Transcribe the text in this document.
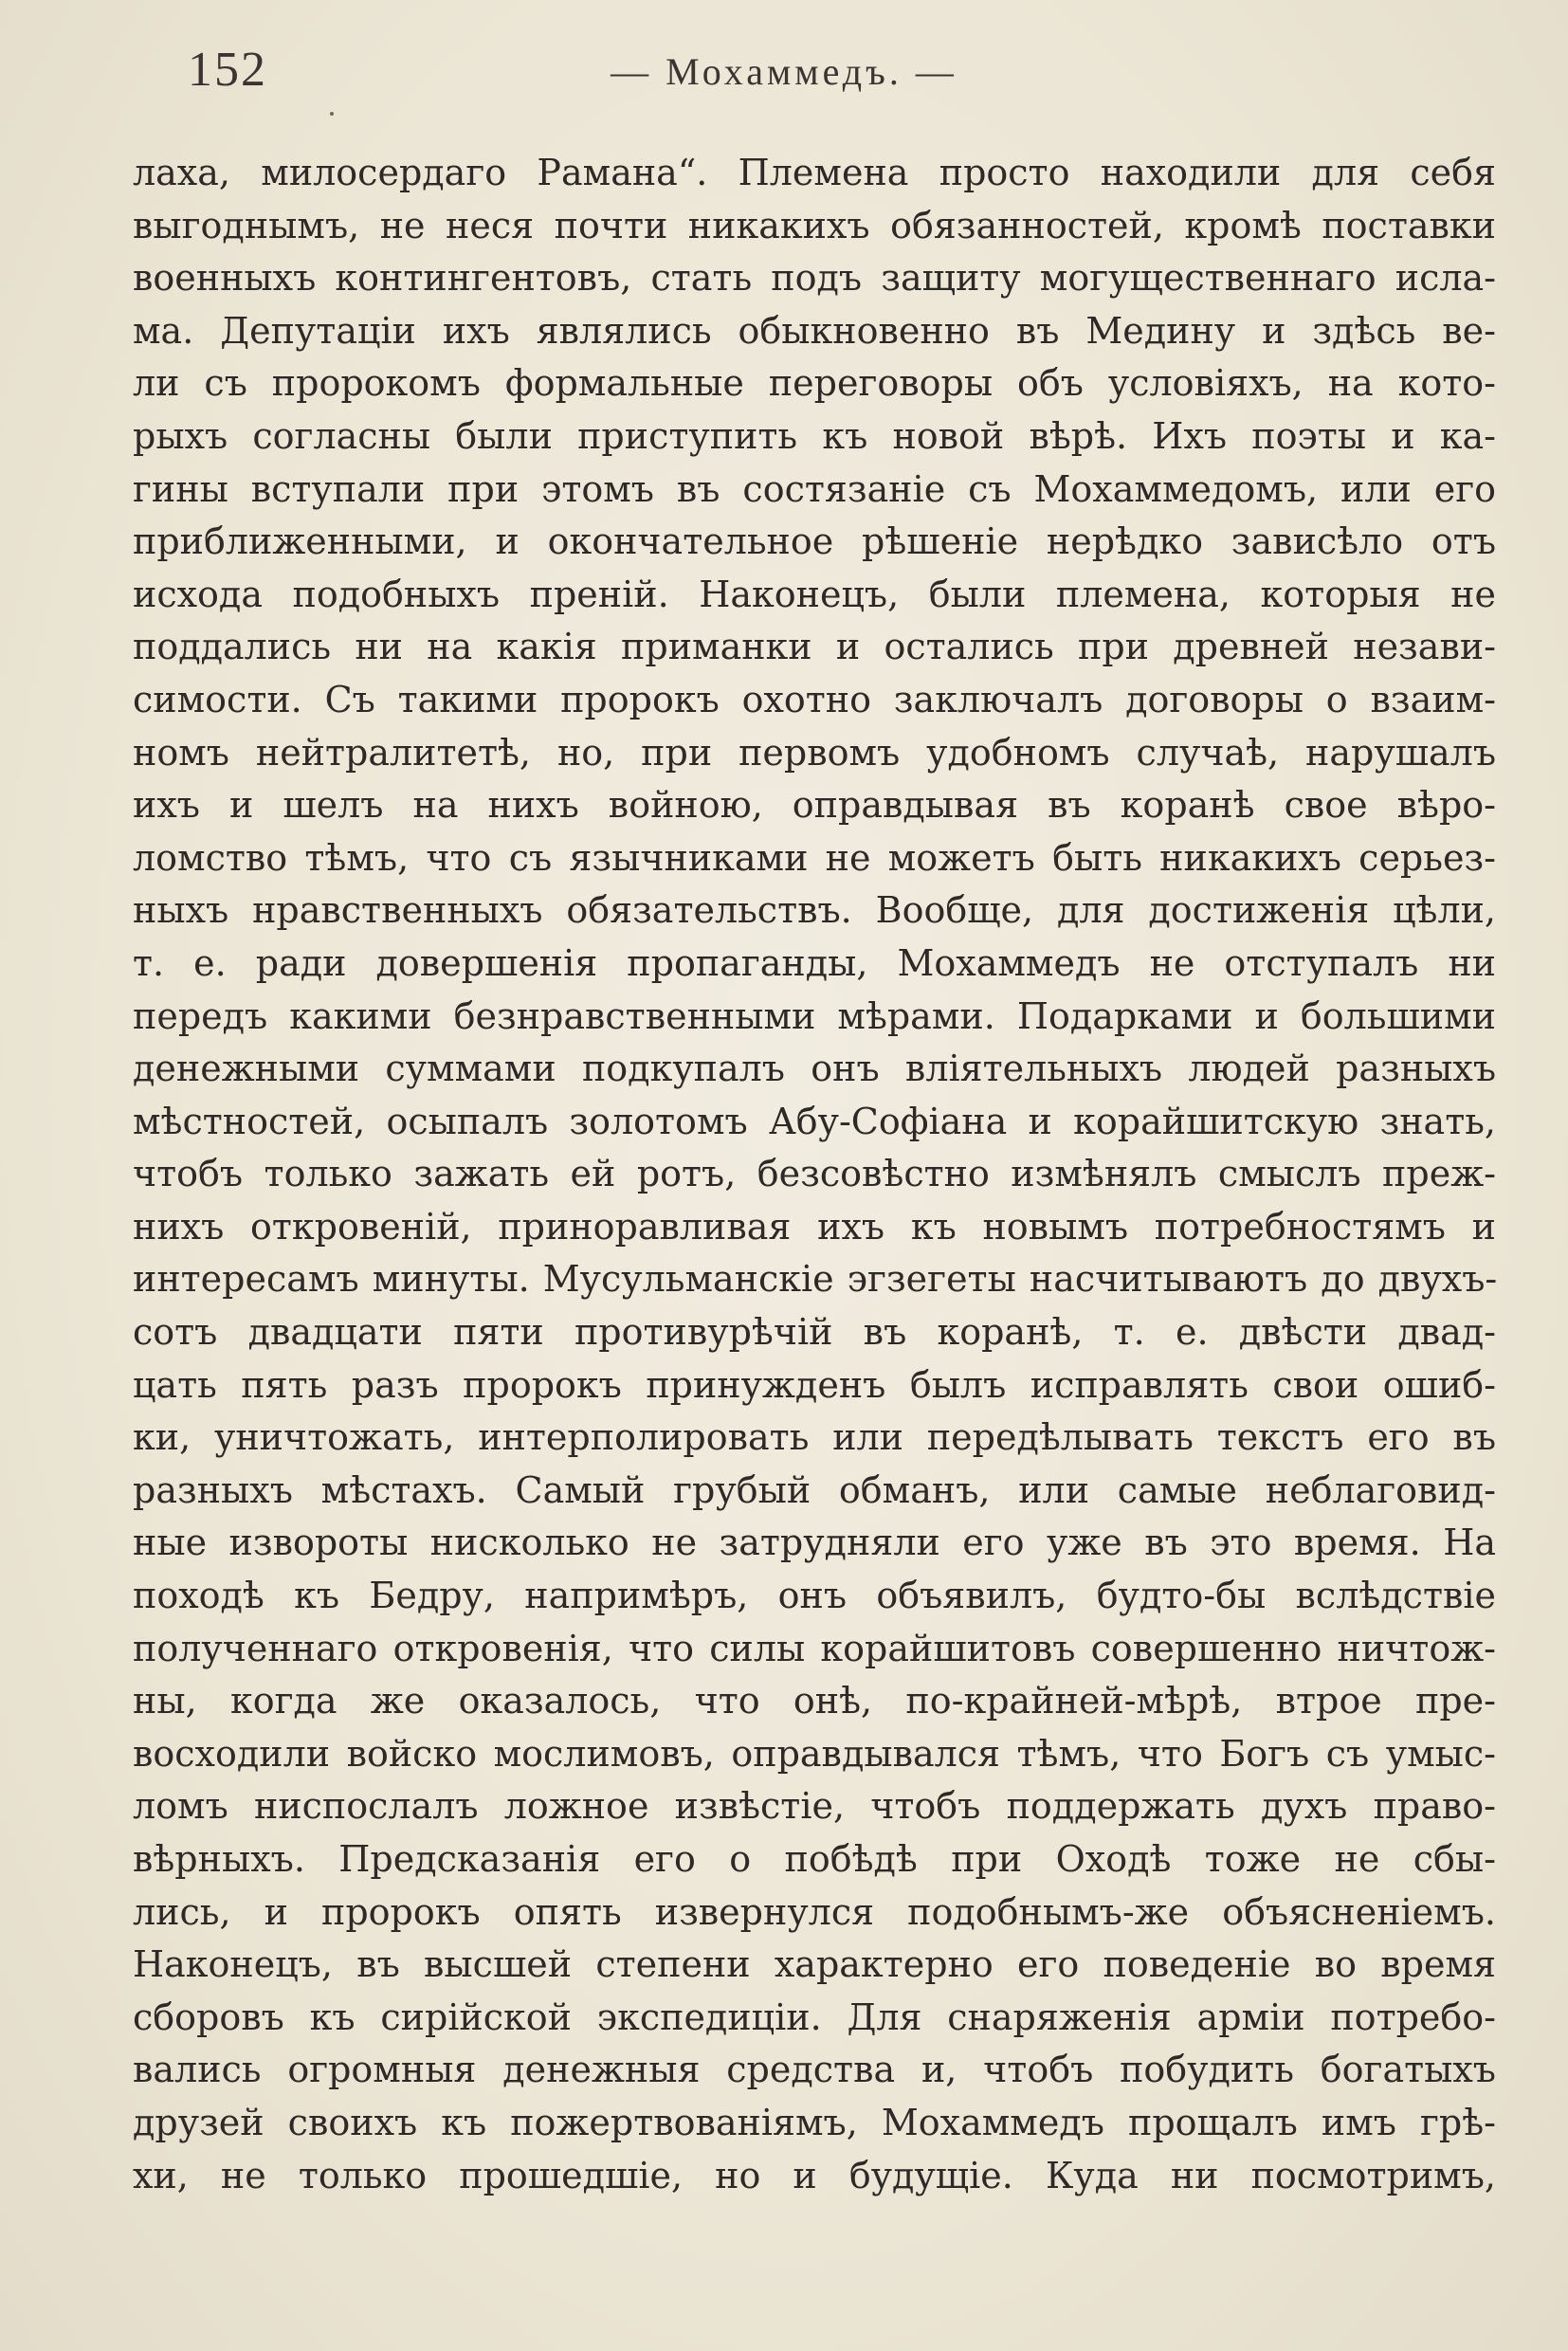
152	— Мохаммедъ. —
лаха, милосердаго Рамана“. Племена просто находили для себя
выгоднымъ, не неся почти никакихъ обязанностей, кромѣ поставки
военныхъ контингентовъ, стать подъ защиту могущественнаго исла-
ма. Депутаціи ихъ являлись обыкновенно въ Медину и здѣсь ве-
ли съ пророкомъ формальные переговоры объ условіяхъ, на кото-
рыхъ согласны были приступить къ новой вѣрѣ. Ихъ поэты и ка-
гины вступали при этомъ въ состязаніе съ Мохаммедомъ, или его
приближенными, и окончательное рѣшеніе нерѣдко зависѣло отъ
исхода подобныхъ преній. Наконецъ, были племена, которыя не
поддались ни на какія приманки и остались при древней незави-
симости. Съ такими пророкъ охотно заключалъ договоры о взаим-
номъ нейтралитетѣ, но, при первомъ удобномъ случаѣ, нарушалъ
ихъ и шелъ на нихъ войною, оправдывая въ коранѣ свое вѣро-
ломство тѣмъ, что съ язычниками не можетъ быть никакихъ серьез-
ныхъ нравственныхъ обязательствъ. Вообще, для достиженія цѣли,
т. е. ради довершенія пропаганды, Мохаммедъ не отступалъ ни
передъ какими безнравственными мѣрами. Подарками и большими
денежными суммами подкупалъ онъ вліятельныхъ людей разныхъ
мѣстностей, осыпалъ золотомъ Абу-Софіана и корайшитскую знать,
чтобъ только зажать ей ротъ, безсовѣстно измѣнялъ смыслъ преж-
нихъ откровеній, приноравливая ихъ къ новымъ потребностямъ и
интересамъ минуты. Мусульманскіе эгзегеты насчитываютъ до двухъ-
сотъ двадцати пяти противурѣчій въ коранѣ, т. е. двѣсти двад-
цать пять разъ пророкъ принужденъ былъ исправлять свои ошиб-
ки, уничтожать, интерполировать или передѣлывать текстъ его въ
разныхъ мѣстахъ. Самый грубый обманъ, или самые неблаговид-
ные извороты нисколько не затрудняли его уже въ это время. На
походѣ къ Бедру, напримѣръ, онъ объявилъ, будто-бы вслѣдствіе
полученнаго откровенія, что силы корайшитовъ совершенно ничтож-
ны, когда же оказалось, что онѣ, по-крайней-мѣрѣ, втрое пре-
восходили войско мослимовъ, оправдывался тѣмъ, что Богъ съ умыс-
ломъ ниспослалъ ложное извѣстіе, чтобъ поддержать духъ право-
вѣрныхъ. Предсказанія его о побѣдѣ при Оходѣ тоже не сбы-
лись, и пророкъ опять извернулся подобнымъ-же объясненіемъ.
Наконецъ, въ высшей степени характерно его поведеніе во время
сборовъ къ сирійской экспедиціи. Для снаряженія арміи потребо-
вались огромныя денежныя средства и, чтобъ побудить богатыхъ
друзей своихъ къ пожертвованіямъ, Мохаммедъ прощалъ имъ грѣ-
хи, не только прошедшіе, но и будущіе. Куда ни посмотримъ,
